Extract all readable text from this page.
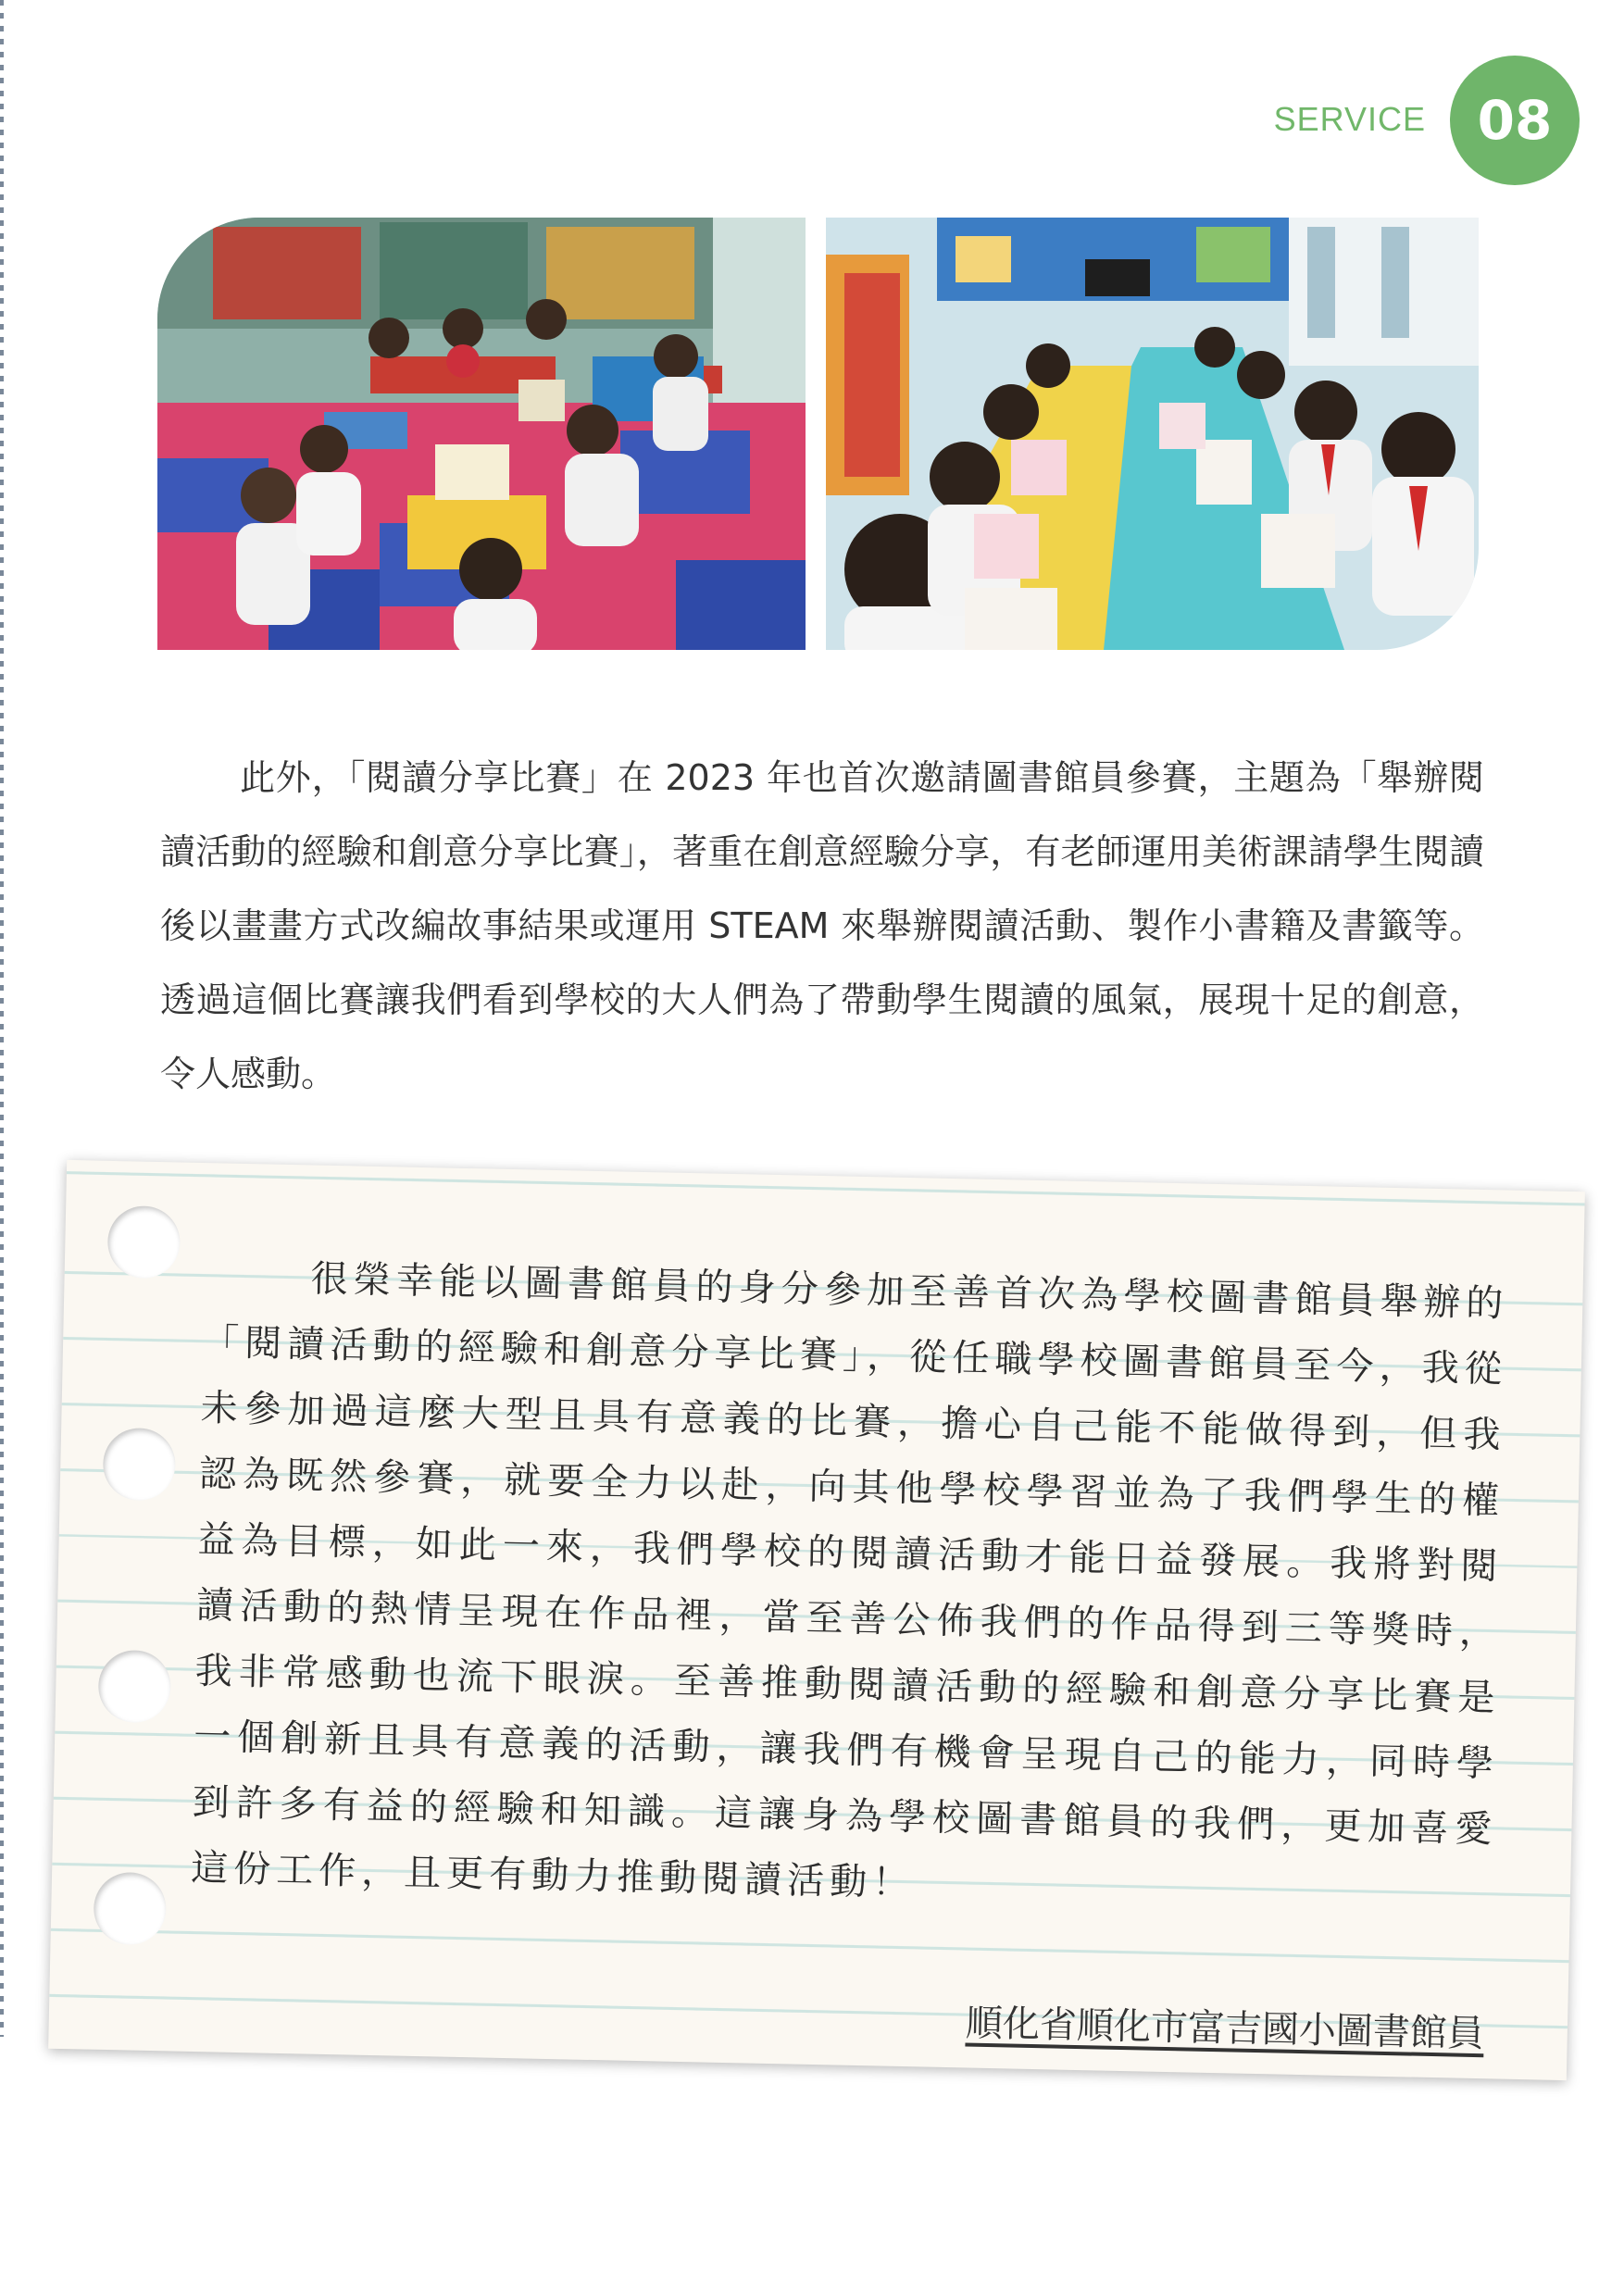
SERVICE 08

此外，「閱讀分享比賽」在 2023 年也首次邀請圖書館員參賽，主題為「舉辦閱讀活動的經驗和創意分享比賽」，著重在創意經驗分享，有老師運用美術課請學生閱讀後以畫畫方式改編故事結果或運用 STEAM 來舉辦閱讀活動、製作小書籍及書籤等。透過這個比賽讓我們看到學校的大人們為了帶動學生閱讀的風氣，展現十足的創意，令人感動。

很榮幸能以圖書館員的身分參加至善首次為學校圖書館員舉辦的「閱讀活動的經驗和創意分享比賽」，從任職學校圖書館員至今，我從未參加過這麼大型且具有意義的比賽，擔心自己能不能做得到，但我認為既然參賽，就要全力以赴，向其他學校學習並為了我們學生的權益為目標，如此一來，我們學校的閱讀活動才能日益發展。我將對閱讀活動的熱情呈現在作品裡，當至善公佈我們的作品得到三等獎時，我非常感動也流下眼淚。至善推動閱讀活動的經驗和創意分享比賽是一個創新且具有意義的活動，讓我們有機會呈現自己的能力，同時學到許多有益的經驗和知識。這讓身為學校圖書館員的我們，更加喜愛這份工作，且更有動力推動閱讀活動！

順化省順化市富吉國小圖書館員
